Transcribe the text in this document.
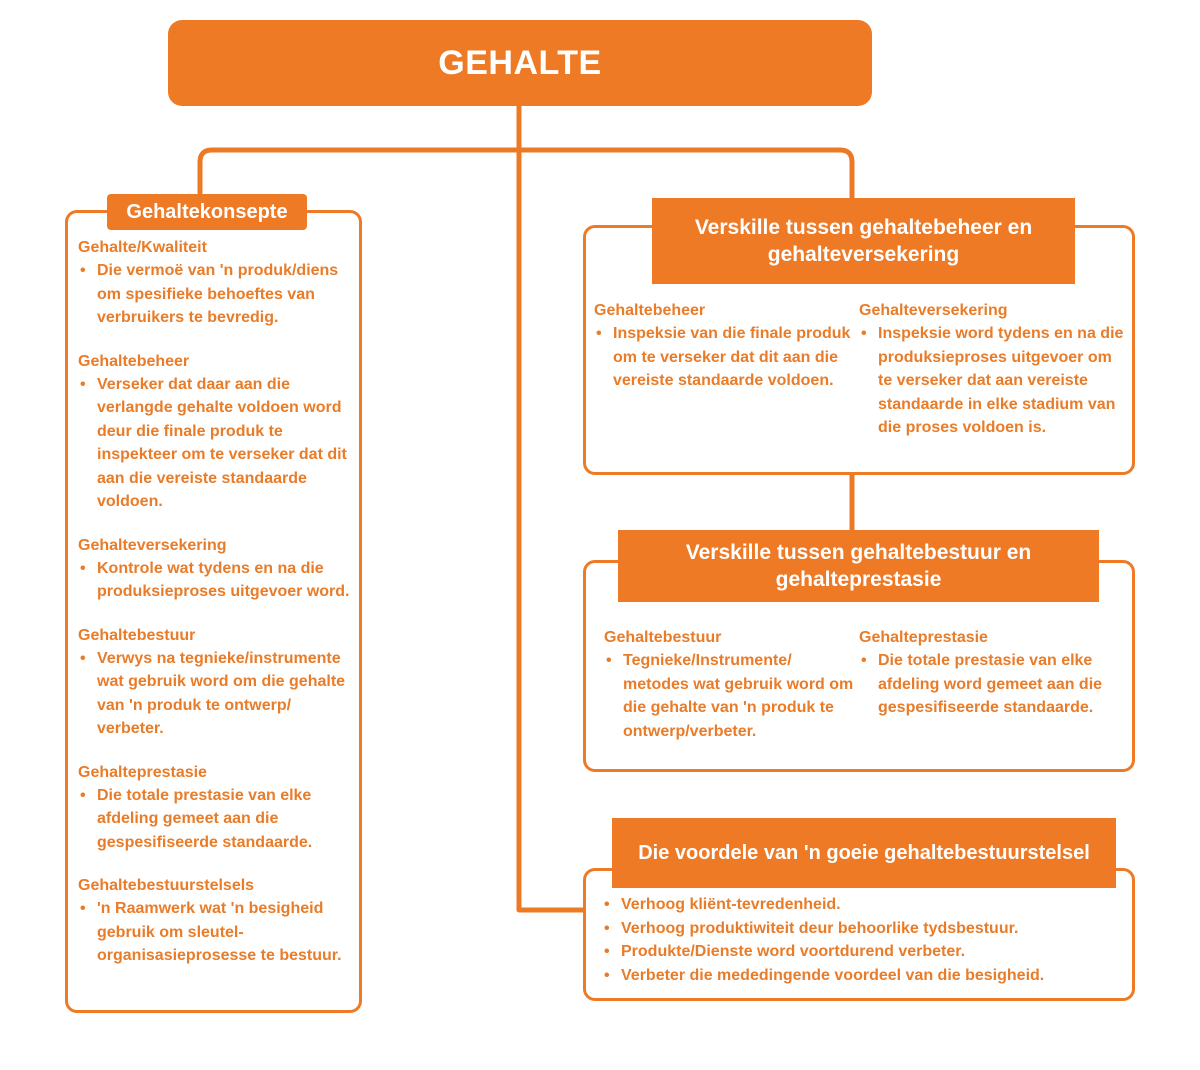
GEHALTE

Gehalte/Kwaliteit

• Die vermoë van 'n produk/diens om spesifieke behoeftes van verbruikers te bevredig.

Gehaltebeheer

• Verseker dat daar aan die verlangde gehalte voldoen word deur die finale produk te inspekteer om te verseker dat dit aan die vereiste standaarde voldoen.

Gehalteversekering

• Kontrole wat tydens en na die produksieproses uitgevoer word.

Gehaltebestuur

• Verwys na tegnieke/instrumente wat gebruik word om die gehalte van 'n produk te ontwerp/ verbeter.

Gehalteprestasie

• Die totale prestasie van elke afdeling gemeet aan die gespesifiseerde standaarde.

Gehaltebestuurstelsels

• 'n Raamwerk wat 'n besigheid gebruik om sleutel-organisasieprosesse te bestuur.
Gehaltekonsepte

Gehaltebeheer

• Inspeksie van die finale produk om te verseker dat dit aan die vereiste standaarde voldoen.

Gehalteversekering

• Inspeksie word tydens en na die produksieproses uitgevoer om te verseker dat aan vereiste standaarde in elke stadium van die proses voldoen is.
Verskille tussen gehaltebeheer en gehalteversekering

Gehaltebestuur

• Tegnieke/Instrumente/ metodes wat gebruik word om die gehalte van 'n produk te ontwerp/verbeter.

Gehalteprestasie

• Die totale prestasie van elke afdeling word gemeet aan die gespesifiseerde standaarde.
Verskille tussen gehaltebestuur en gehalteprestasie
• Verhoog kliënt-tevredenheid.
• Verhoog produktiwiteit deur behoorlike tydsbestuur.
• Produkte/Dienste word voortdurend verbeter.
• Verbeter die mededingende voordeel van die besigheid.
Die voordele van 'n goeie gehaltebestuurstelsel
